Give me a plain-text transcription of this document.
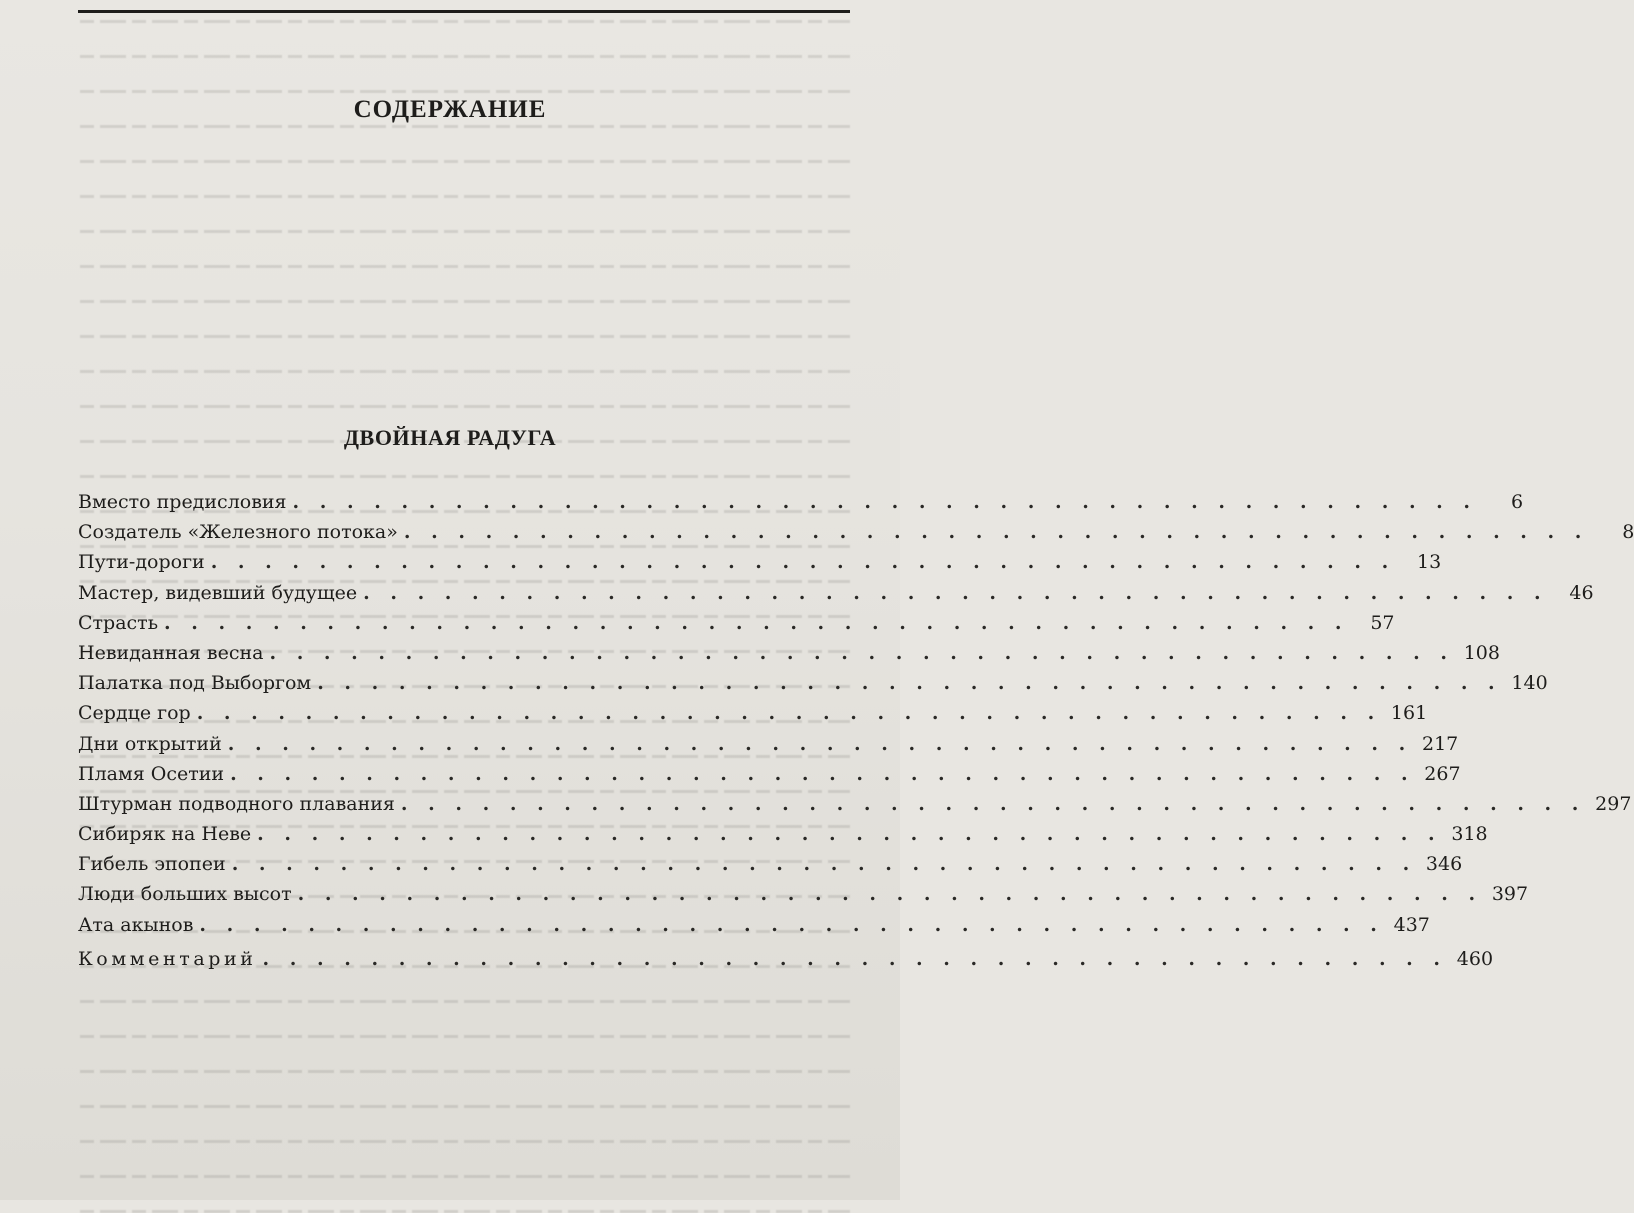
СОДЕРЖАНИЕ
ДВОЙНАЯ РАДУГА
Вместо предисловия . . . . . . . . . . . . . . . . . . . . . . . . . . . . . . . . . . . . . . . . . . . .	6
Создатель «Железного потока» . . . . . . . . . . . . . . . . . . . . . . . . . . . . . . . . . . . . . . . . . . . .	8
Пути-дороги . . . . . . . . . . . . . . . . . . . . . . . . . . . . . . . . . . . . . . . . . . . .	13
Мастер, видевший будущее . . . . . . . . . . . . . . . . . . . . . . . . . . . . . . . . . . . . . . . . . . . .	46
Страсть . . . . . . . . . . . . . . . . . . . . . . . . . . . . . . . . . . . . . . . . . . . .	57
Невиданная весна . . . . . . . . . . . . . . . . . . . . . . . . . . . . . . . . . . . . . . . . . . . . 108
Палатка под Выборгом . . . . . . . . . . . . . . . . . . . . . . . . . . . . . . . . . . . . . . . . . . . . 140
Сердце гор . . . . . . . . . . . . . . . . . . . . . . . . . . . . . . . . . . . . . . . . . . . . 161
Дни открытий . . . . . . . . . . . . . . . . . . . . . . . . . . . . . . . . . . . . . . . . . . . . 217
Пламя Осетии . . . . . . . . . . . . . . . . . . . . . . . . . . . . . . . . . . . . . . . . . . . . 267
Штурман подводного плавания . . . . . . . . . . . . . . . . . . . . . . . . . . . . . . . . . . . . . . . . . . . . 297
Сибиряк на Неве . . . . . . . . . . . . . . . . . . . . . . . . . . . . . . . . . . . . . . . . . . . . 318
Гибель эпопеи . . . . . . . . . . . . . . . . . . . . . . . . . . . . . . . . . . . . . . . . . . . . 346
Люди больших высот . . . . . . . . . . . . . . . . . . . . . . . . . . . . . . . . . . . . . . . . . . . . 397
Ата акынов . . . . . . . . . . . . . . . . . . . . . . . . . . . . . . . . . . . . . . . . . . . . 437
Комментарий . . . . . . . . . . . . . . . . . . . . . . . . . . . . . . . . . . . . . . . . . . . . 460
